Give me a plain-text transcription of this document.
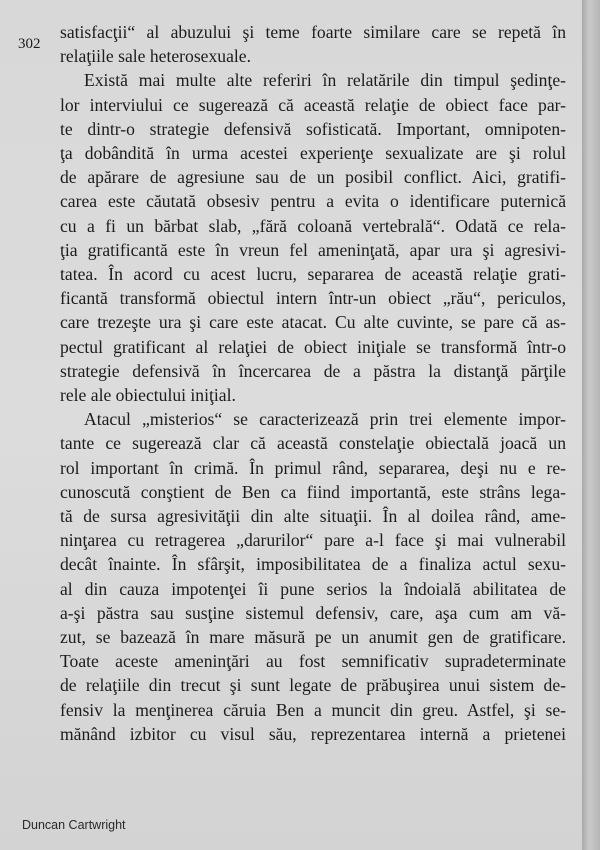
302
satisfacţii“ al abuzului şi teme foarte similare care se repetă în
relaţiile sale heterosexuale.
Există mai multe alte referiri în relatările din timpul şedinţe-
lor interviului ce sugerează că această relaţie de obiect face par-
te dintr-o strategie defensivă sofisticată. Important, omnipoten-
ţa dobândită în urma acestei experienţe sexualizate are şi rolul
de apărare de agresiune sau de un posibil conflict. Aici, gratifi-
carea este căutată obsesiv pentru a evita o identificare puternică
cu a fi un bărbat slab, „fără coloană vertebrală“. Odată ce rela-
ţia gratificantă este în vreun fel ameninţată, apar ura şi agresivi-
tatea. În acord cu acest lucru, separarea de această relaţie grati-
ficantă transformă obiectul intern într-un obiect „rău“, periculos,
care trezeşte ura şi care este atacat. Cu alte cuvinte, se pare că as-
pectul gratificant al relaţiei de obiect iniţiale se transformă într-o
strategie defensivă în încercarea de a păstra la distanţă părţile
rele ale obiectului iniţial.
Atacul „misterios“ se caracterizează prin trei elemente impor-
tante ce sugerează clar că această constelaţie obiectală joacă un
rol important în crimă. În primul rând, separarea, deşi nu e re-
cunoscută conştient de Ben ca fiind importantă, este strâns lega-
tă de sursa agresivităţii din alte situaţii. În al doilea rând, ame-
ninţarea cu retragerea „darurilor“ pare a-l face şi mai vulnerabil
decât înainte. În sfârşit, imposibilitatea de a finaliza actul sexu-
al din cauza impotenţei îi pune serios la îndoială abilitatea de
a-şi păstra sau susţine sistemul defensiv, care, aşa cum am vă-
zut, se bazează în mare măsură pe un anumit gen de gratificare.
Toate aceste ameninţări au fost semnificativ supradeterminate
de relaţiile din trecut şi sunt legate de prăbuşirea unui sistem de-
fensiv la menţinerea căruia Ben a muncit din greu. Astfel, şi se-
mănând izbitor cu visul său, reprezentarea internă a prietenei
Duncan Cartwright
